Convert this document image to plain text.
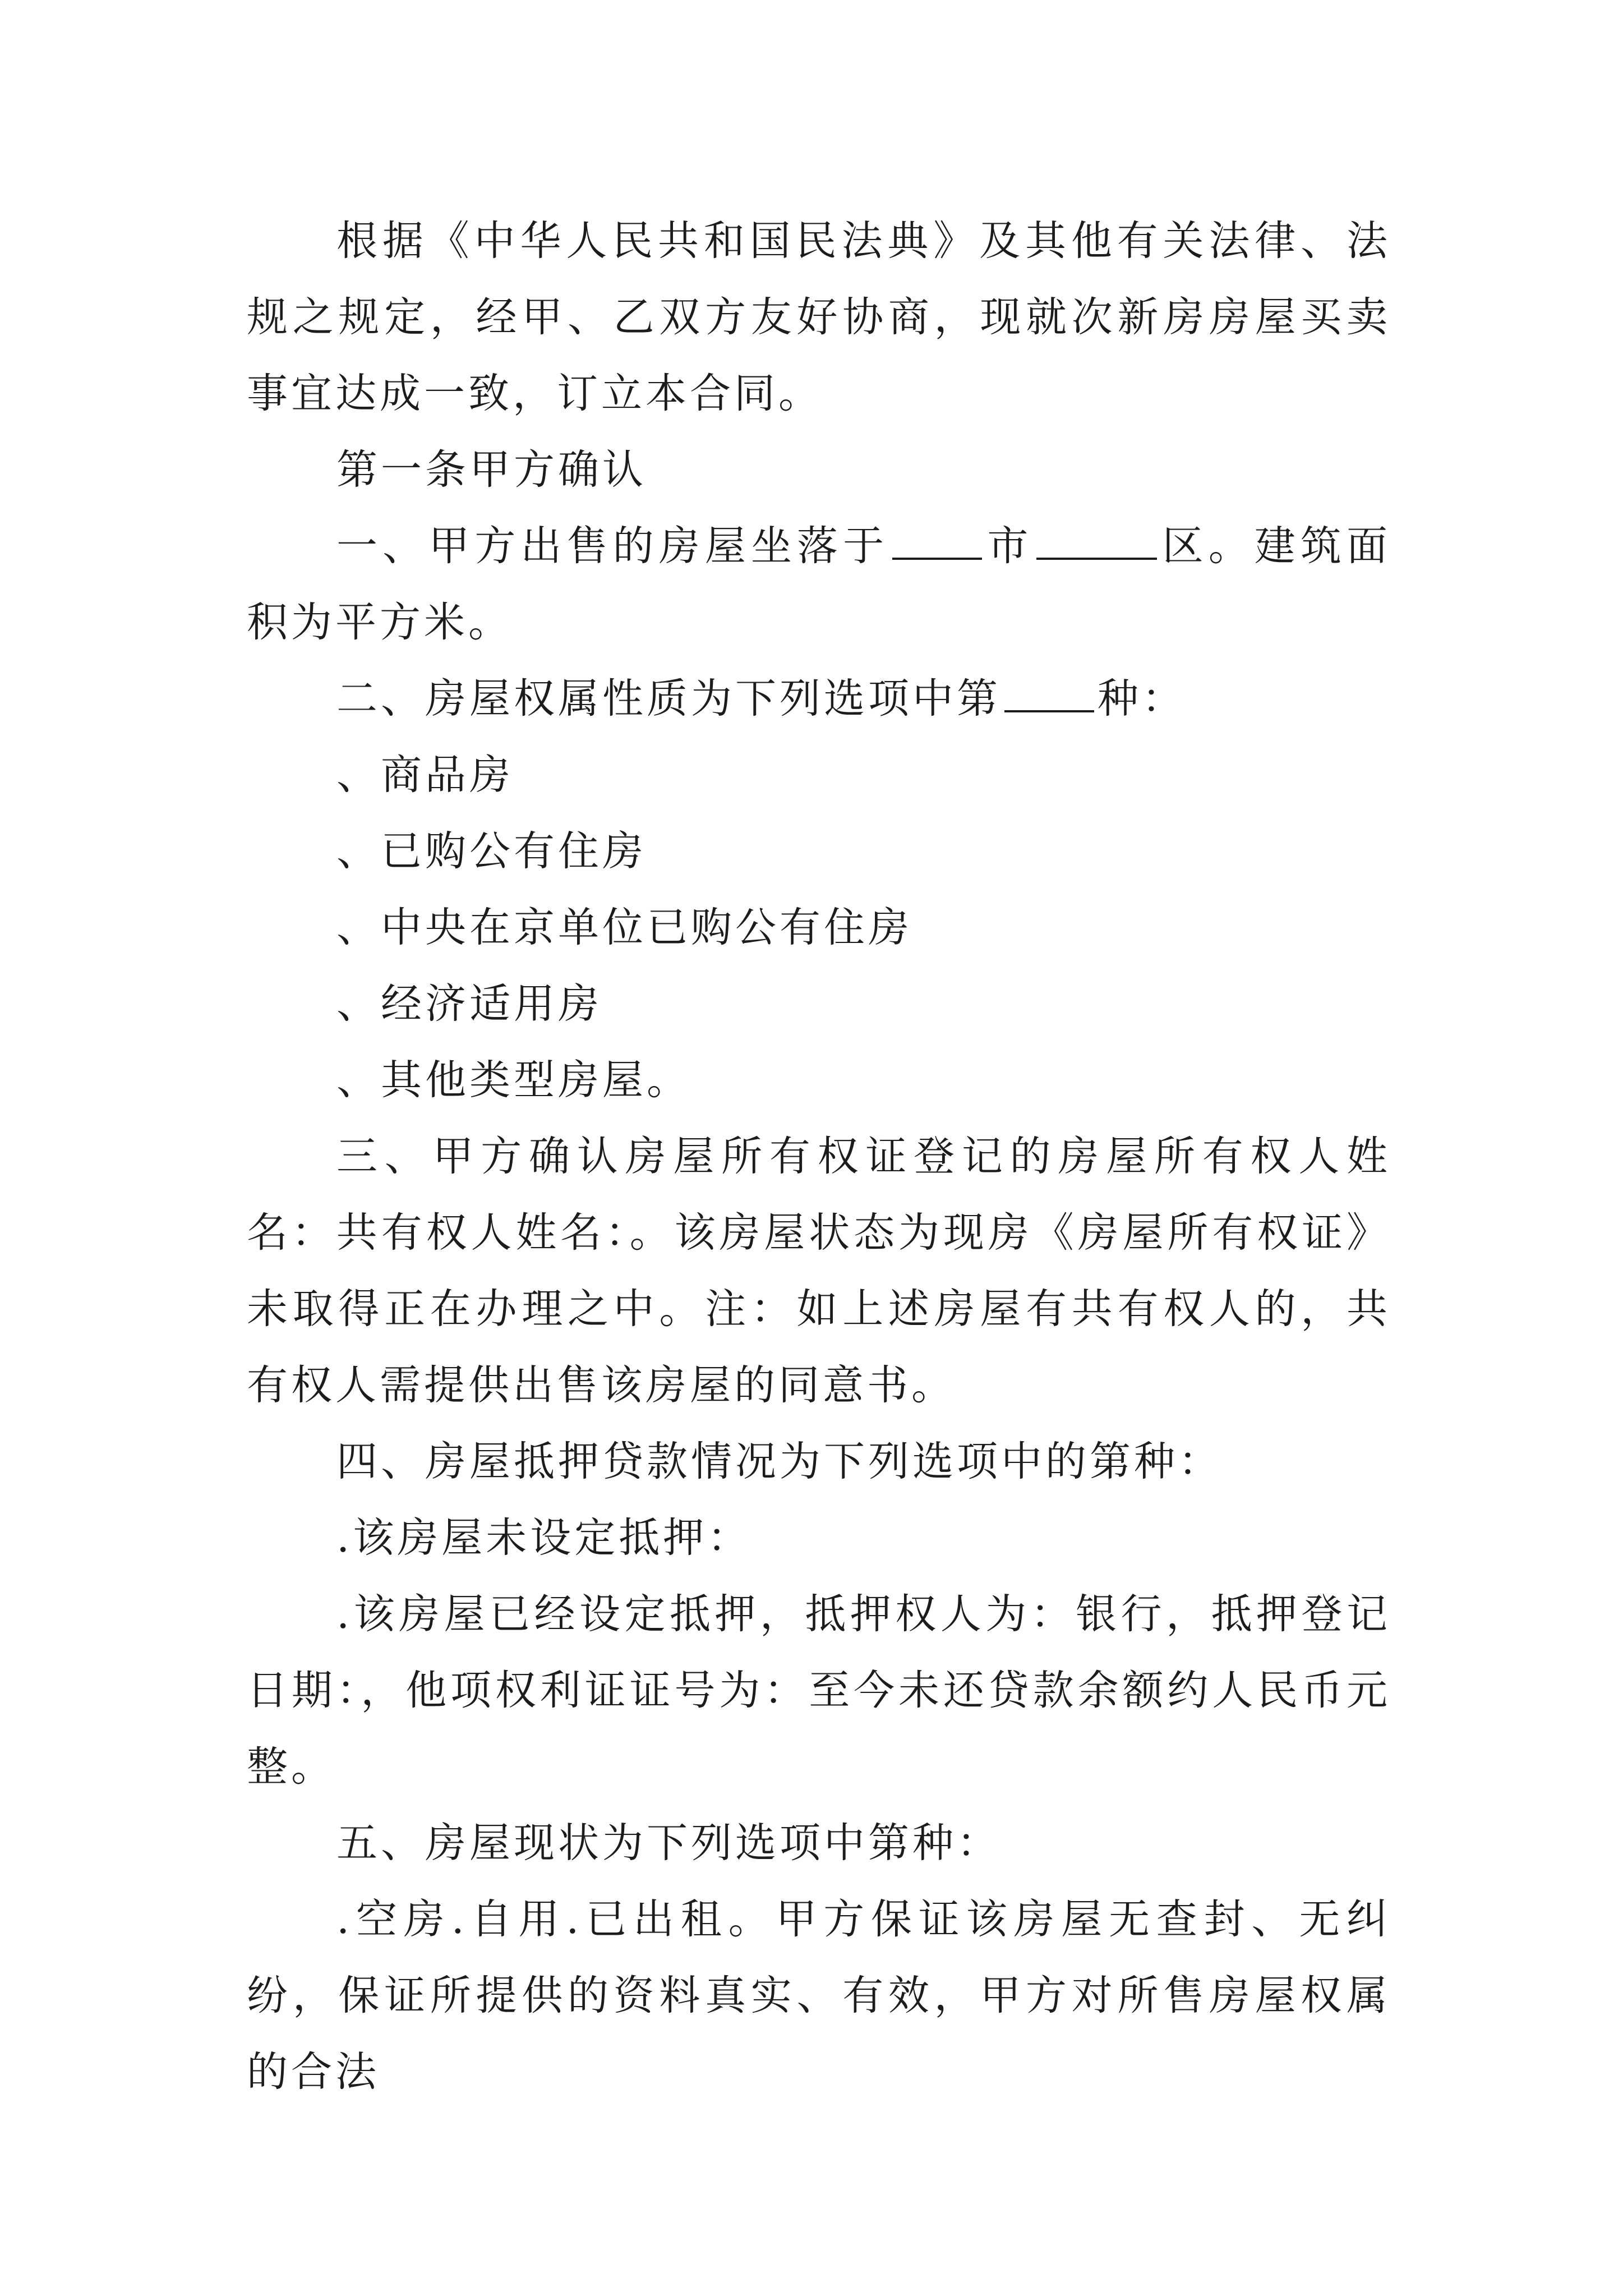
根据《中华人民共和国民法典》及其他有关法律、法规之规定，经甲、乙双方友好协商，现就次新房房屋买卖事宜达成一致，订立本合同。

第一条甲方确认

一、甲方出售的房屋坐落于 市	区。建筑面积为平方米。

二、房屋权属性质为下列选项中第 种：

、商品房

、已购公有住房

、中央在京单位已购公有住房

、经济适用房

、其他类型房屋。

三、甲方确认房屋所有权证登记的房屋所有权人姓名：共有权人姓名：。该房屋状态为现房《房屋所有权证》未取得正在办理之中。注：如上述房屋有共有权人的，共有权人需提供出售该房屋的同意书。

四、房屋抵押贷款情况为下列选项中的第种：

.该房屋未设定抵押：

.该房屋已经设定抵押，抵押权人为：银行，抵押登记日期：，他项权利证证号为：至今未还贷款余额约人民币元整。

五、房屋现状为下列选项中第种：

.空房.自用.已出租。甲方保证该房屋无查封、无纠纷，保证所提供的资料真实、有效，甲方对所售房屋权属的合法
